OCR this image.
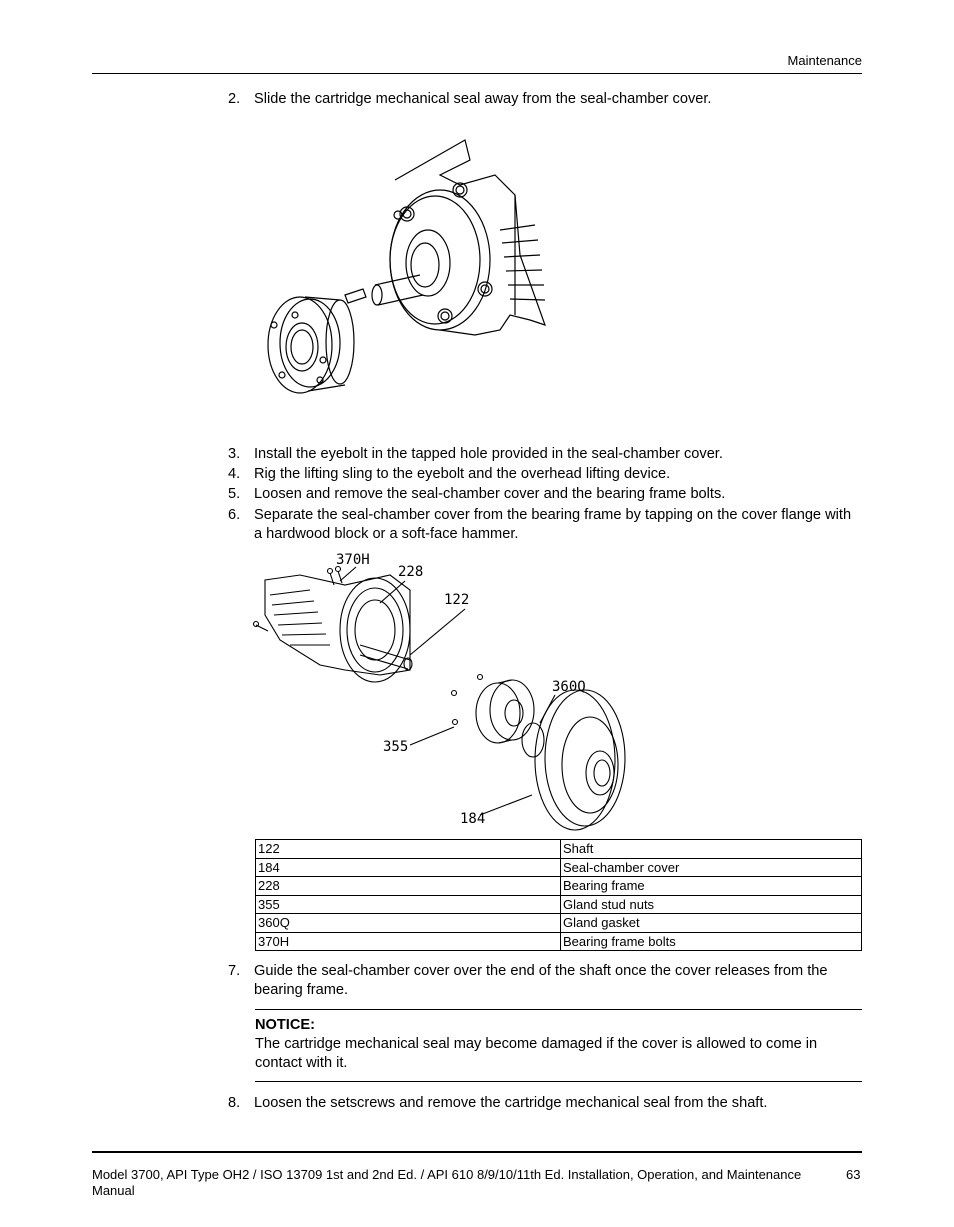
Maintenance
2. Slide the cartridge mechanical seal away from the seal-chamber cover.
3. Install the eyebolt in the tapped hole provided in the seal-chamber cover.
4. Rig the lifting sling to the eyebolt and the overhead lifting device.
5. Loosen and remove the seal-chamber cover and the bearing frame bolts.
6. Separate the seal-chamber cover from the bearing frame by tapping on the cover flange with a hardwood block or a soft-face hammer.
370H
228
122
360Q
355
184
122	Shaft
184	Seal-chamber cover
228	Bearing frame
355	Gland stud nuts
360Q	Gland gasket
370H	Bearing frame bolts
7. Guide the seal-chamber cover over the end of the shaft once the cover releases from the bearing frame.
NOTICE:
The cartridge mechanical seal may become damaged if the cover is allowed to come in contact with it.
8. Loosen the setscrews and remove the cartridge mechanical seal from the shaft.
Model 3700, API Type OH2 / ISO 13709 1st and 2nd Ed. / API 610 8/9/10/11th Ed. Installation, Operation, and Maintenance Manual
63
